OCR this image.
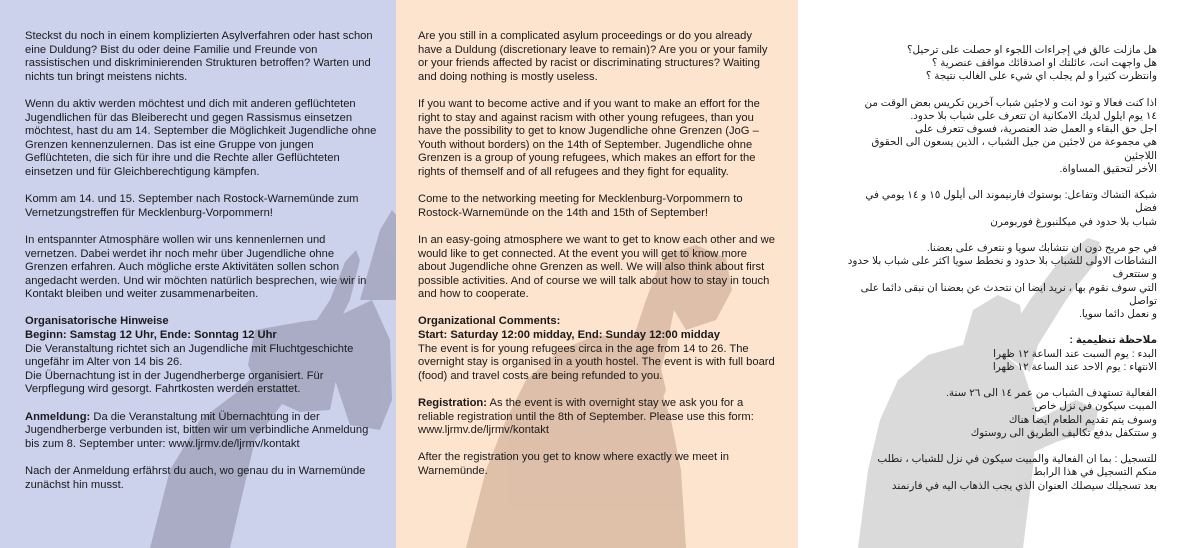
Steckst du noch in einem komplizierten Asylverfahren oder hast schon eine Duldung? Bist du oder deine Familie und Freunde von rassistischen und diskriminierenden Strukturen betroffen? Warten und nichts tun bringt meistens nichts.

Wenn du aktiv werden möchtest und dich mit anderen geflüchteten Jugendlichen für das Bleiberecht und gegen Rassismus einsetzen möchtest, hast du am 14. September die Möglichkeit Jugendliche ohne Grenzen kennenzulernen. Das ist eine Gruppe von jungen Geflüchteten, die sich für ihre und die Rechte aller Geflüchteten einsetzen und für Gleichberechtigung kämpfen.

Komm am 14. und 15. September nach Rostock-Warnemünde zum Vernetzungstreffen für Mecklenburg-Vorpommern!

In entspannter Atmosphäre wollen wir uns kennenlernen und vernetzen. Dabei werdet ihr noch mehr über Jugendliche ohne Grenzen erfahren. Auch mögliche erste Aktivitäten sollen schon angedacht werden. Und wir möchten natürlich besprechen, wie wir in Kontakt bleiben und weiter zusammenarbeiten.

Organisatorische Hinweise
Beginn: Samstag 12 Uhr, Ende: Sonntag 12 Uhr
Die Veranstaltung richtet sich an Jugendliche mit Fluchtgeschichte ungefähr im Alter von 14 bis 26.
Die Übernachtung ist in der Jugendherberge organisiert. Für Verpflegung wird gesorgt. Fahrtkosten werden erstattet.

Anmeldung: Da die Veranstaltung mit Übernachtung in der Jugendherberge verbunden ist, bitten wir um verbindliche Anmeldung bis zum 8. September unter: www.ljrmv.de/ljrmv/kontakt

Nach der Anmeldung erfährst du auch, wo genau du in Warnemünde zunächst hin musst.

Are you still in a complicated asylum proceedings or do you already have a Duldung (discretionary leave to remain)? Are you or your family or your friends affected by racist or discriminating structures? Waiting and doing nothing is mostly useless.

If you want to become active and if you want to make an effort for the right to stay and against racism with other young refugees, than you have the possibility to get to know Jugendliche ohne Grenzen (JoG – Youth without borders) on the 14th of September. Jugendliche ohne Grenzen is a group of young refugees, which makes an effort for the rights of themself and of all refugees and they fight for equality.

Come to the networking meeting for Mecklenburg-Vorpommern to Rostock-Warnemünde on the 14th and 15th of September!

In an easy-going atmosphere we want to get to know each other and we would like to get connected. At the event you will get to know more about Jugendliche ohne Grenzen as well. We will also think about first possible activities. And of course we will talk about how to stay in touch and how to cooperate.

Organizational Comments:
Start: Saturday 12:00 midday, End: Sunday 12:00 midday
The event is for young refugees circa in the age from 14 to 26. The overnight stay is organised in a youth hostel. The event is with full board (food) and travel costs are being refunded to you.

Registration: As the event is with overnight stay we ask you for a reliable registration until the 8th of September. Please use this form: www.ljrmv.de/ljrmv/kontakt

After the registration you get to know where exactly we meet in Warnemünde.

هل مازلت عالق في إجراءات اللجوء او حصلت على ترحيل؟
هل واجهت انت، عائلتك او اصدقائك مواقف عنصرية ؟
وانتظرت كثيرا و لم يجلب اي شيء على الغالب نتيجة ؟

اذا كنت فعالا و تود انت و لاجئين شباب آخرين تكريس بعض الوقت من
١٤ يوم ايلول لديك الامكانية ان تتعرف على شباب بلا حدود.
اجل حق البقاء و العمل ضد العنصرية، فسوف تتعرف على
هي مجموعة من لاجئين من جيل الشباب ، الذين يسعون الى الحقوق اللاجئين
الأخر لتحقيق المساواة.

شبكة التشاك وتفاعل: بوستوك فارنيموند الى أيلول ١٥ و ١٤ يومي في فضل
شباب بلا حدود في ميكلنبورغ فوربومرن

في جو مريح دون ان نتشابك سويا و نتعرف على بعضنا.
النشاطات الاولى للشباب بلا حدود و نخطط سويا اكثر على شباب بلا حدود و ستتعرف
التي سوف نقوم بها ، نريد ايضا ان نتحدث عن بعضنا ان نبقى دائما على تواصل
و نعمل دائما سويا.

ملاحظة تنظيمية :
البدء : يوم السبت عند الساعة ١٢ ظهرا
الانتهاء : يوم الاحد عند الساعة ١٢ ظهرا

الفعالية تستهدف الشباب من عمر ١٤ الى ٢٦ سنة.
المبيت سيكون في نزل خاص.
وسوف يتم تقديم الطعام ايضا هناك
و ستتكفل بدفع تكاليف الطريق الى روستوك

للتسجيل : بما ان الفعالية والمبيت سيكون في نزل للشباب ، نطلب
منكم التسجيل في هذا الرابط
بعد تسجيلك سيصلك العنوان الذي يجب الذهاب اليه في فارنمند
